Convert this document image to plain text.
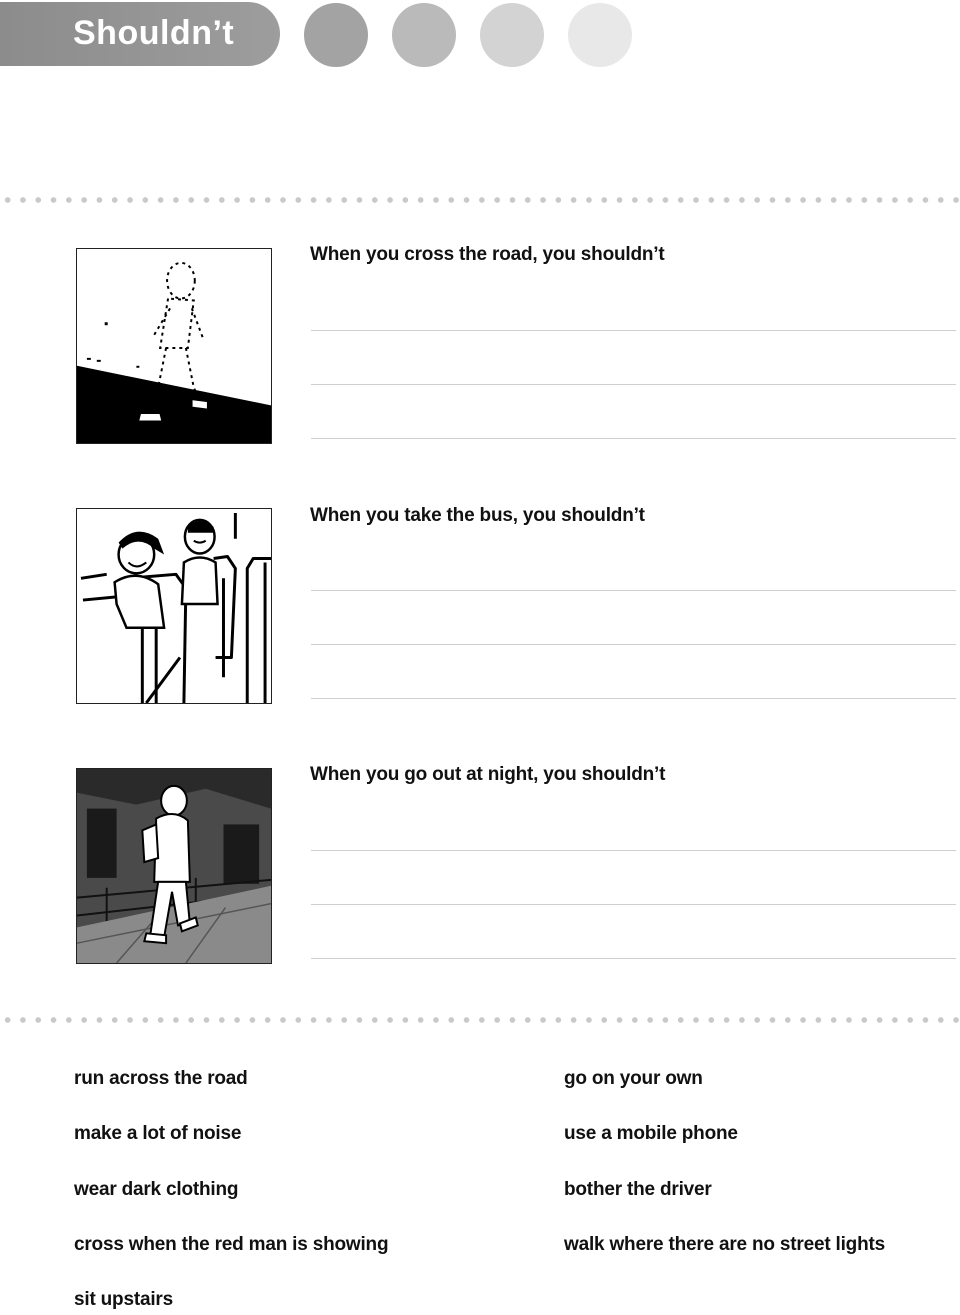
Shouldn’t
When you cross the road, you shouldn’t
When you take the bus, you shouldn’t
When you go out at night, you shouldn’t
run across the road
make a lot of noise
wear dark clothing
cross when the red man is showing
sit upstairs
go on your own
use a mobile phone
bother the driver
walk where there are no street lights
